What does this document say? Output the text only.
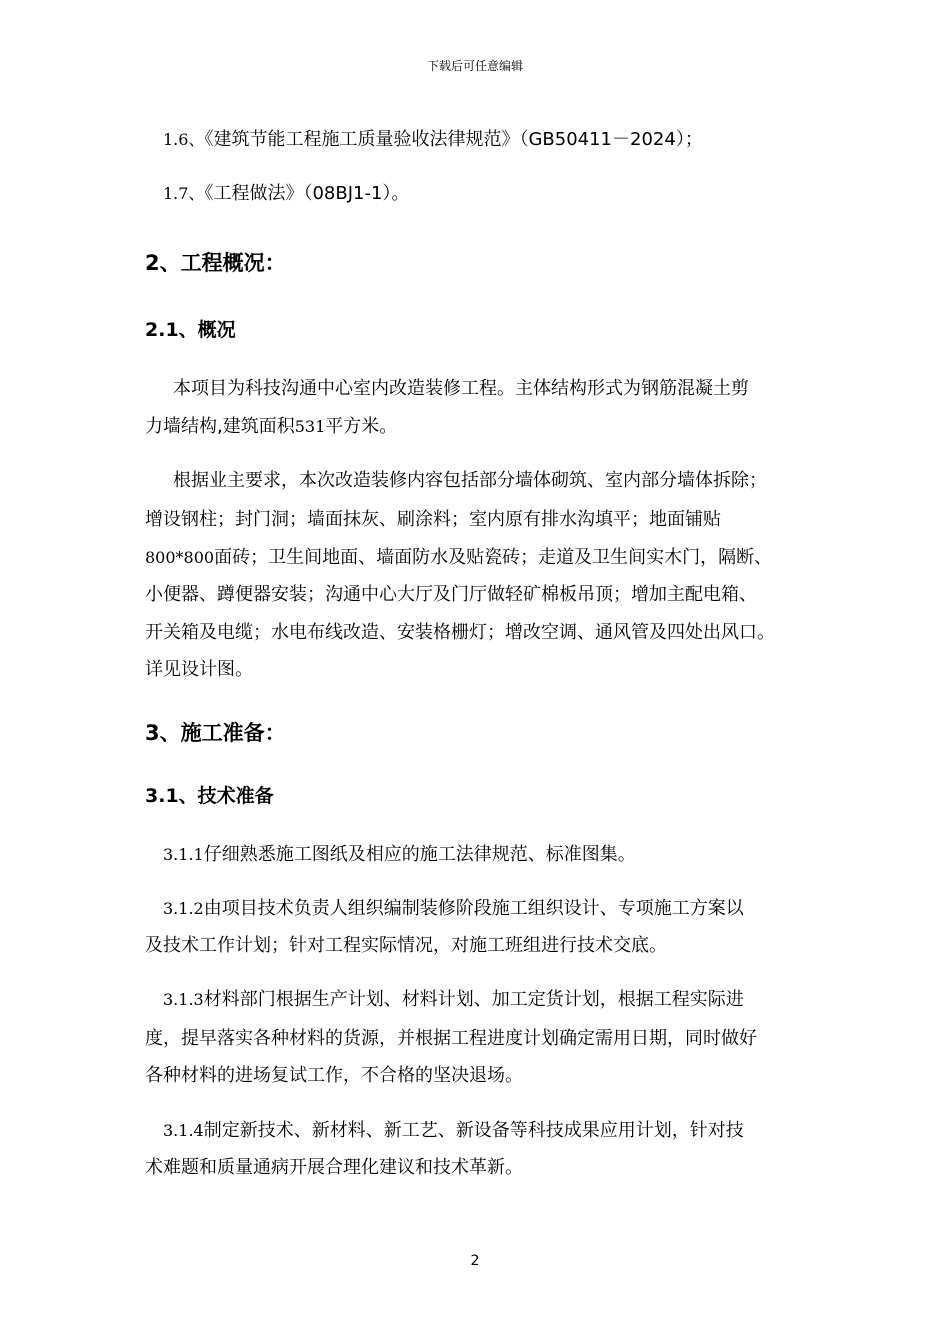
下载后可任意编辑
1.6、《建筑节能工程施工质量验收法律规范》（GB50411－2024）；
1.7、《工程做法》（08BJ1-1）。
2、工程概况：
2.1、概况
本项目为科技沟通中心室内改造装修工程。主体结构形式为钢筋混凝土剪
力墙结构,建筑面积531平方米。
根据业主要求，本次改造装修内容包括部分墙体砌筑、室内部分墙体拆除；
增设钢柱；封门洞；墙面抹灰、刷涂料；室内原有排水沟填平；地面铺贴
800*800面砖；卫生间地面、墙面防水及贴瓷砖；走道及卫生间实木门，隔断、
小便器、蹲便器安装；沟通中心大厅及门厅做轻矿棉板吊顶；增加主配电箱、
开关箱及电缆；水电布线改造、安装格栅灯；增改空调、通风管及四处出风口。
详见设计图。
3、施工准备：
3.1、技术准备
3.1.1仔细熟悉施工图纸及相应的施工法律规范、标准图集。
3.1.2由项目技术负责人组织编制装修阶段施工组织设计、专项施工方案以
及技术工作计划；针对工程实际情况，对施工班组进行技术交底。
3.1.3材料部门根据生产计划、材料计划、加工定货计划，根据工程实际进
度，提早落实各种材料的货源，并根据工程进度计划确定需用日期，同时做好
各种材料的进场复试工作，不合格的坚决退场。
3.1.4制定新技术、新材料、新工艺、新设备等科技成果应用计划，针对技
术难题和质量通病开展合理化建议和技术革新。
2
